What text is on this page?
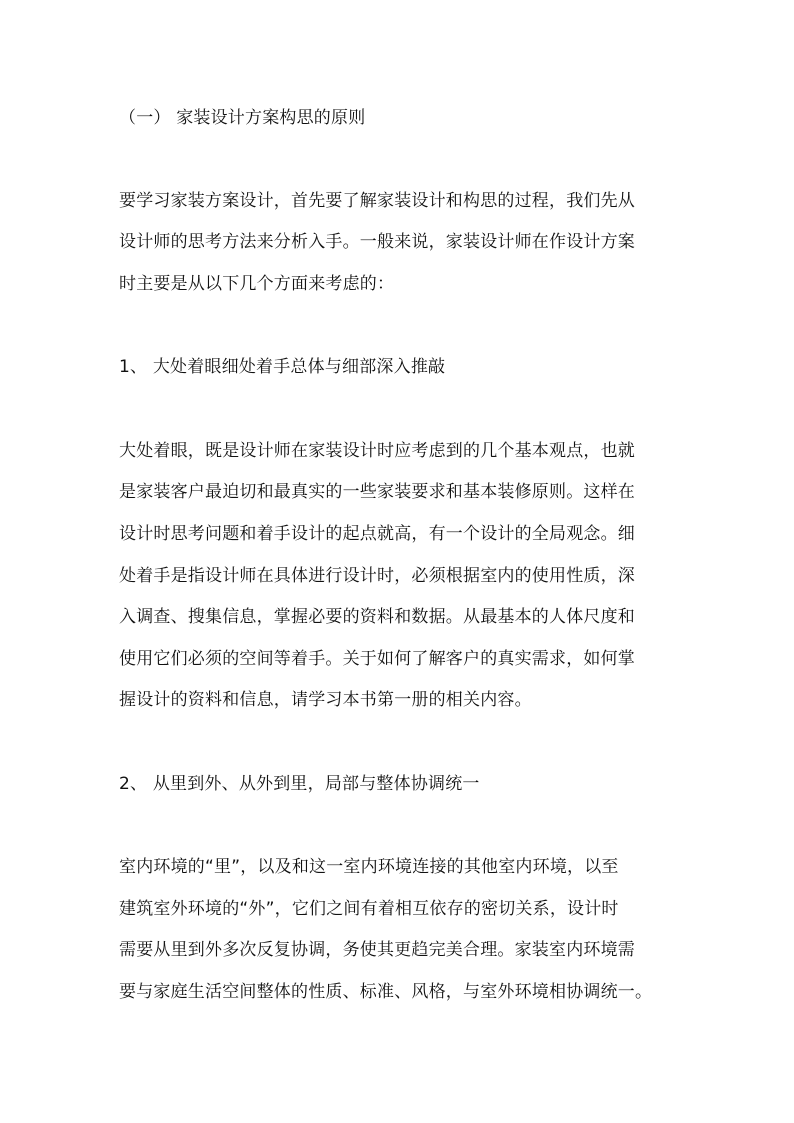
（一） 家装设计方案构思的原则
要学习家装方案设计，首先要了解家装设计和构思的过程，我们先从
设计师的思考方法来分析入手。一般来说，家装设计师在作设计方案
时主要是从以下几个方面来考虑的：
1、 大处着眼细处着手总体与细部深入推敲
大处着眼，既是设计师在家装设计时应考虑到的几个基本观点，也就
是家装客户最迫切和最真实的一些家装要求和基本装修原则。这样在
设计时思考问题和着手设计的起点就高，有一个设计的全局观念。细
处着手是指设计师在具体进行设计时，必须根据室内的使用性质，深
入调查、搜集信息，掌握必要的资料和数据。从最基本的人体尺度和
使用它们必须的空间等着手。关于如何了解客户的真实需求，如何掌
握设计的资料和信息，请学习本书第一册的相关内容。
2、 从里到外、从外到里，局部与整体协调统一
室内环境的“里”，以及和这一室内环境连接的其他室内环境，以至
建筑室外环境的“外”，它们之间有着相互依存的密切关系，设计时
需要从里到外多次反复协调，务使其更趋完美合理。家装室内环境需
要与家庭生活空间整体的性质、标准、风格，与室外环境相协调统一。
